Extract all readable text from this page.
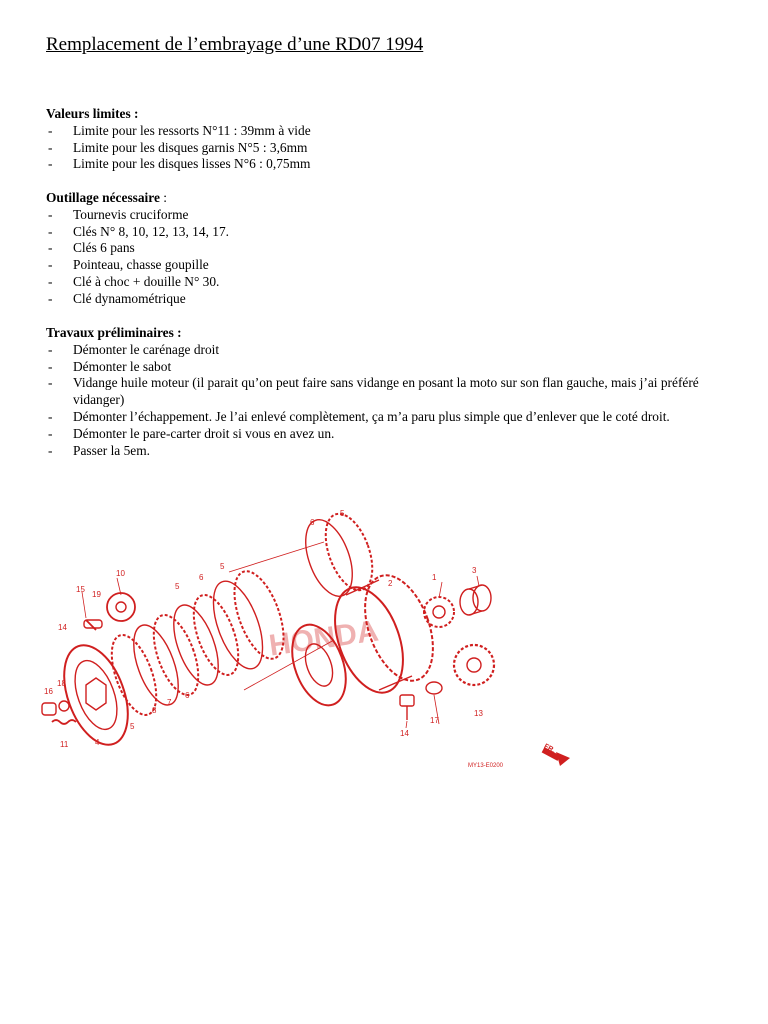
Remplacement de l’embrayage d’une RD07 1994
Valeurs limites :
- Limite pour les ressorts N°11 : 39mm à vide
- Limite pour les disques garnis N°5 : 3,6mm
- Limite pour les disques lisses N°6 : 0,75mm
Outillage nécessaire :
- Tournevis cruciforme
- Clés N° 8, 10, 12, 13, 14, 17.
- Clés 6 pans
- Pointeau, chasse goupille
- Clé à choc + douille N° 30.
- Clé dynamométrique
Travaux préliminaires :
- Démonter le carénage droit
- Démonter le sabot
- Vidange huile moteur (il parait qu’on peut faire sans vidange en posant la moto sur son flan gauche, mais j’ai préféré vidanger)
- Démonter l’échappement. Je l’ai enlevé complètement, ça m’a paru plus simple que d’enlever que le coté droit.
- Démonter le pare-carter droit si vous en avez un.
- Passer la 5em.
HONDA
15
10
19
14
18
16
11	4
5
8
7
6
5
6
5
6
5
2
1
3
17
13
14
MY13-E0200
FR.
